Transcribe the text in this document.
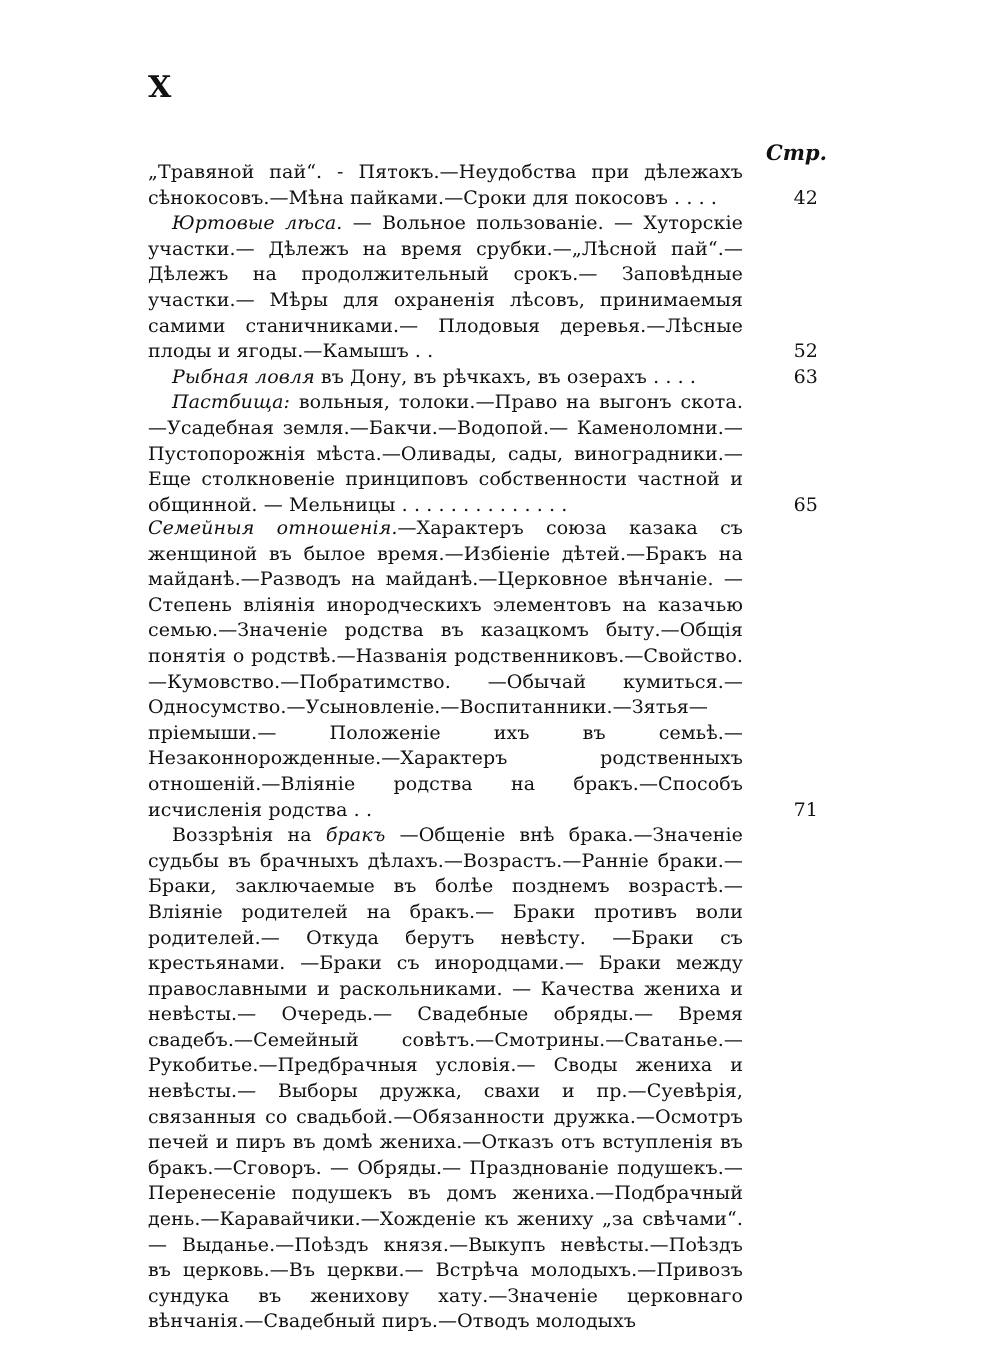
X
Стр.
„Травяной пай“. - Пятокъ.—Неудобства при дѣлежахъ сѣнокосовъ.—Мѣна пайками.—Сроки для покосовъ . . . .	42
Юртовые лѣса. — Вольное пользованіе. — Хуторскіе участки.— Дѣлежъ на время срубки.—„Лѣсной пай“.— Дѣлежъ на продолжительный срокъ.— Заповѣдные участки.— Мѣры для охраненія лѣсовъ, принимаемыя самими станичниками.— Плодовыя деревья.—Лѣсные плоды и ягоды.—Камышъ . .	52
Рыбная ловля въ Дону, въ рѣчкахъ, въ озерахъ . . . .	63
Пастбища: вольныя, толоки.—Право на выгонъ скота.—Усадебная земля.—Бакчи.—Водопой.— Каменоломни.— Пустопорожнія мѣста.—Оливады, сады, виноградники.—Еще столкновеніе принциповъ собственности частной и общинной. — Мельницы . . . . . . . . . . . . . .	65
Семейныя отношенія.—Характеръ союза казака съ женщиной въ былое время.—Избіеніе дѣтей.—Бракъ на майданѣ.—Разводъ на майданѣ.—Церковное вѣнчаніе. — Степень вліянія инородческихъ элементовъ на казачью семью.—Значеніе родства въ казацкомъ быту.—Общія понятія о родствѣ.—Названія родственниковъ.—Свойство.—Кумовство.—Побратимство. —Обычай кумиться.—Односумство.—Усыновленіе.—Воспитанники.—Зятья—пріемыши.— Положеніе ихъ въ семьѣ.— Незаконнорожденные.—Характеръ родственныхъ отношеній.—Вліяніе родства на бракъ.—Способъ исчисленія родства . .	71
Воззрѣнія на бракъ —Общеніе внѣ брака.—Значеніе судьбы въ брачныхъ дѣлахъ.—Возрастъ.—Ранніе браки.—Браки, заключаемые въ болѣе позднемъ возрастѣ.—Вліяніе родителей на бракъ.— Браки противъ воли родителей.— Откуда берутъ невѣсту. —Браки съ крестьянами. —Браки съ инородцами.— Браки между православными и раскольниками. — Качества жениха и невѣсты.— Очередь.— Свадебные обряды.— Время свадебъ.—Семейный совѣтъ.—Смотрины.—Сватанье.— Рукобитье.—Предбрачныя условія.— Своды жениха и невѣсты.— Выборы дружка, свахи и пр.—Суевѣрія, связанныя со свадьбой.—Обязанности дружка.—Осмотръ печей и пиръ въ домѣ жениха.—Отказъ отъ вступленія въ бракъ.—Сговоръ. — Обряды.— Празднованіе подушекъ.— Перенесеніе подушекъ въ домъ жениха.—Подбрачный день.—Каравайчики.—Хожденіе къ жениху „за свѣчами“.— Выданье.—Поѣздъ князя.—Выкупъ невѣсты.—Поѣздъ въ церковь.—Въ церкви.— Встрѣча молодыхъ.—Привозъ сундука въ женихову хату.—Значеніе церковнаго вѣнчанія.—Свадебный пиръ.—Отводъ молодыхъ
